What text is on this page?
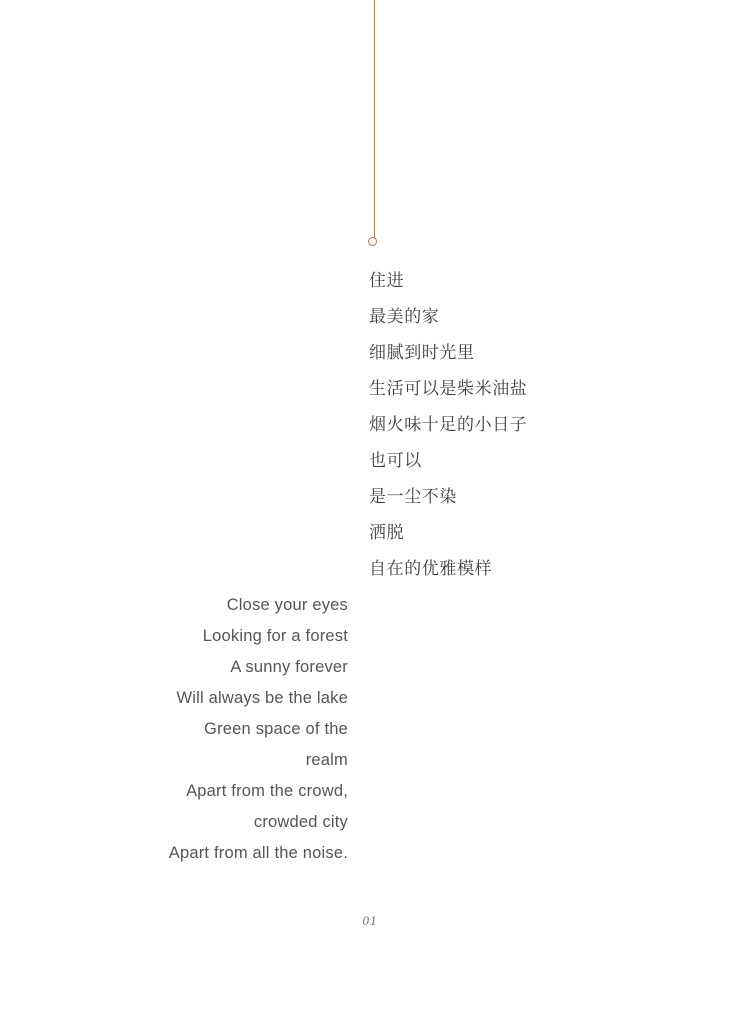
住进
最美的家
细腻到时光里
生活可以是柴米油盐
烟火味十足的小日子
也可以
是一尘不染
洒脱
自在的优雅模样
Close your eyes
Looking for a forest
A sunny forever
Will always be the lake
Green space of the
realm
Apart from the crowd,
crowded city
Apart from all the noise.
01
